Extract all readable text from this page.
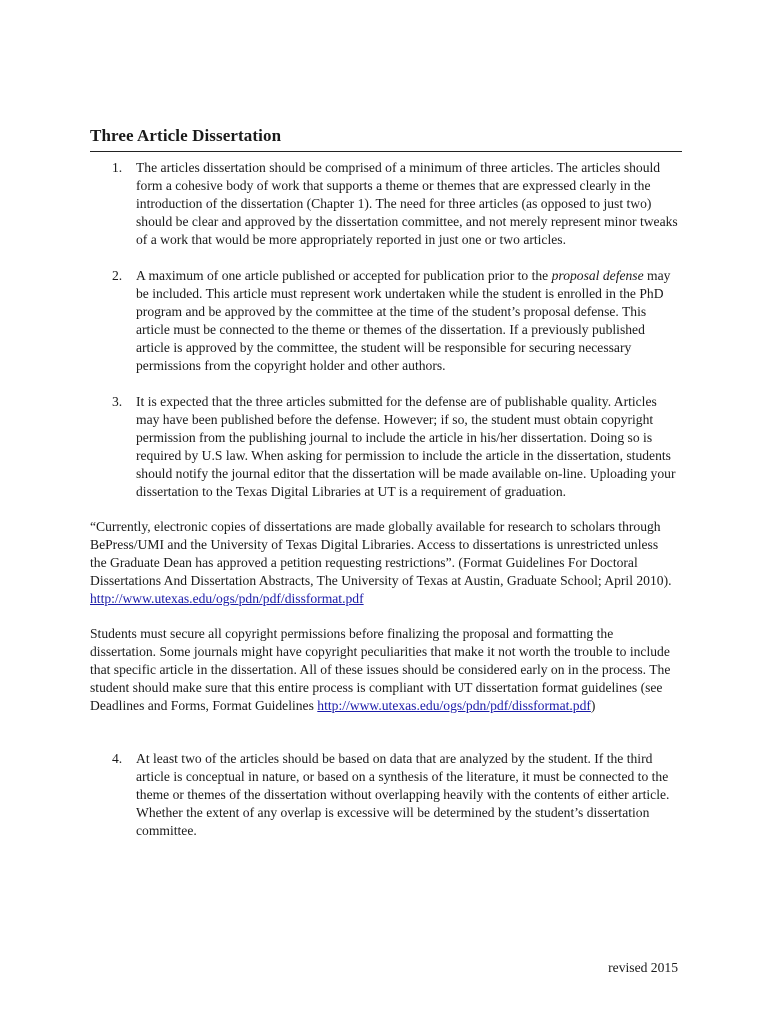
Three Article Dissertation
1. The articles dissertation should be comprised of a minimum of three articles. The articles should form a cohesive body of work that supports a theme or themes that are expressed clearly in the introduction of the dissertation (Chapter 1). The need for three articles (as opposed to just two) should be clear and approved by the dissertation committee, and not merely represent minor tweaks of a work that would be more appropriately reported in just one or two articles.
2. A maximum of one article published or accepted for publication prior to the proposal defense may be included. This article must represent work undertaken while the student is enrolled in the PhD program and be approved by the committee at the time of the student’s proposal defense. This article must be connected to the theme or themes of the dissertation. If a previously published article is approved by the committee, the student will be responsible for securing necessary permissions from the copyright holder and other authors.
3. It is expected that the three articles submitted for the defense are of publishable quality. Articles may have been published before the defense. However; if so, the student must obtain copyright permission from the publishing journal to include the article in his/her dissertation. Doing so is required by U.S law. When asking for permission to include the article in the dissertation, students should notify the journal editor that the dissertation will be made available on-line. Uploading your dissertation to the Texas Digital Libraries at UT is a requirement of graduation.

“Currently, electronic copies of dissertations are made globally available for research to scholars through BePress/UMI and the University of Texas Digital Libraries. Access to dissertations is unrestricted unless the Graduate Dean has approved a petition requesting restrictions”. (Format Guidelines For Doctoral Dissertations And Dissertation Abstracts, The University of Texas at Austin, Graduate School; April 2010).
http://www.utexas.edu/ogs/pdn/pdf/dissformat.pdf

Students must secure all copyright permissions before finalizing the proposal and formatting the dissertation. Some journals might have copyright peculiarities that make it not worth the trouble to include that specific article in the dissertation. All of these issues should be considered early on in the process. The student should make sure that this entire process is compliant with UT dissertation format guidelines (see Deadlines and Forms, Format Guidelines http://www.utexas.edu/ogs/pdn/pdf/dissformat.pdf)

4. At least two of the articles should be based on data that are analyzed by the student. If the third article is conceptual in nature, or based on a synthesis of the literature, it must be connected to the theme or themes of the dissertation without overlapping heavily with the contents of either article. Whether the extent of any overlap is excessive will be determined by the student’s dissertation committee.
revised 2015
